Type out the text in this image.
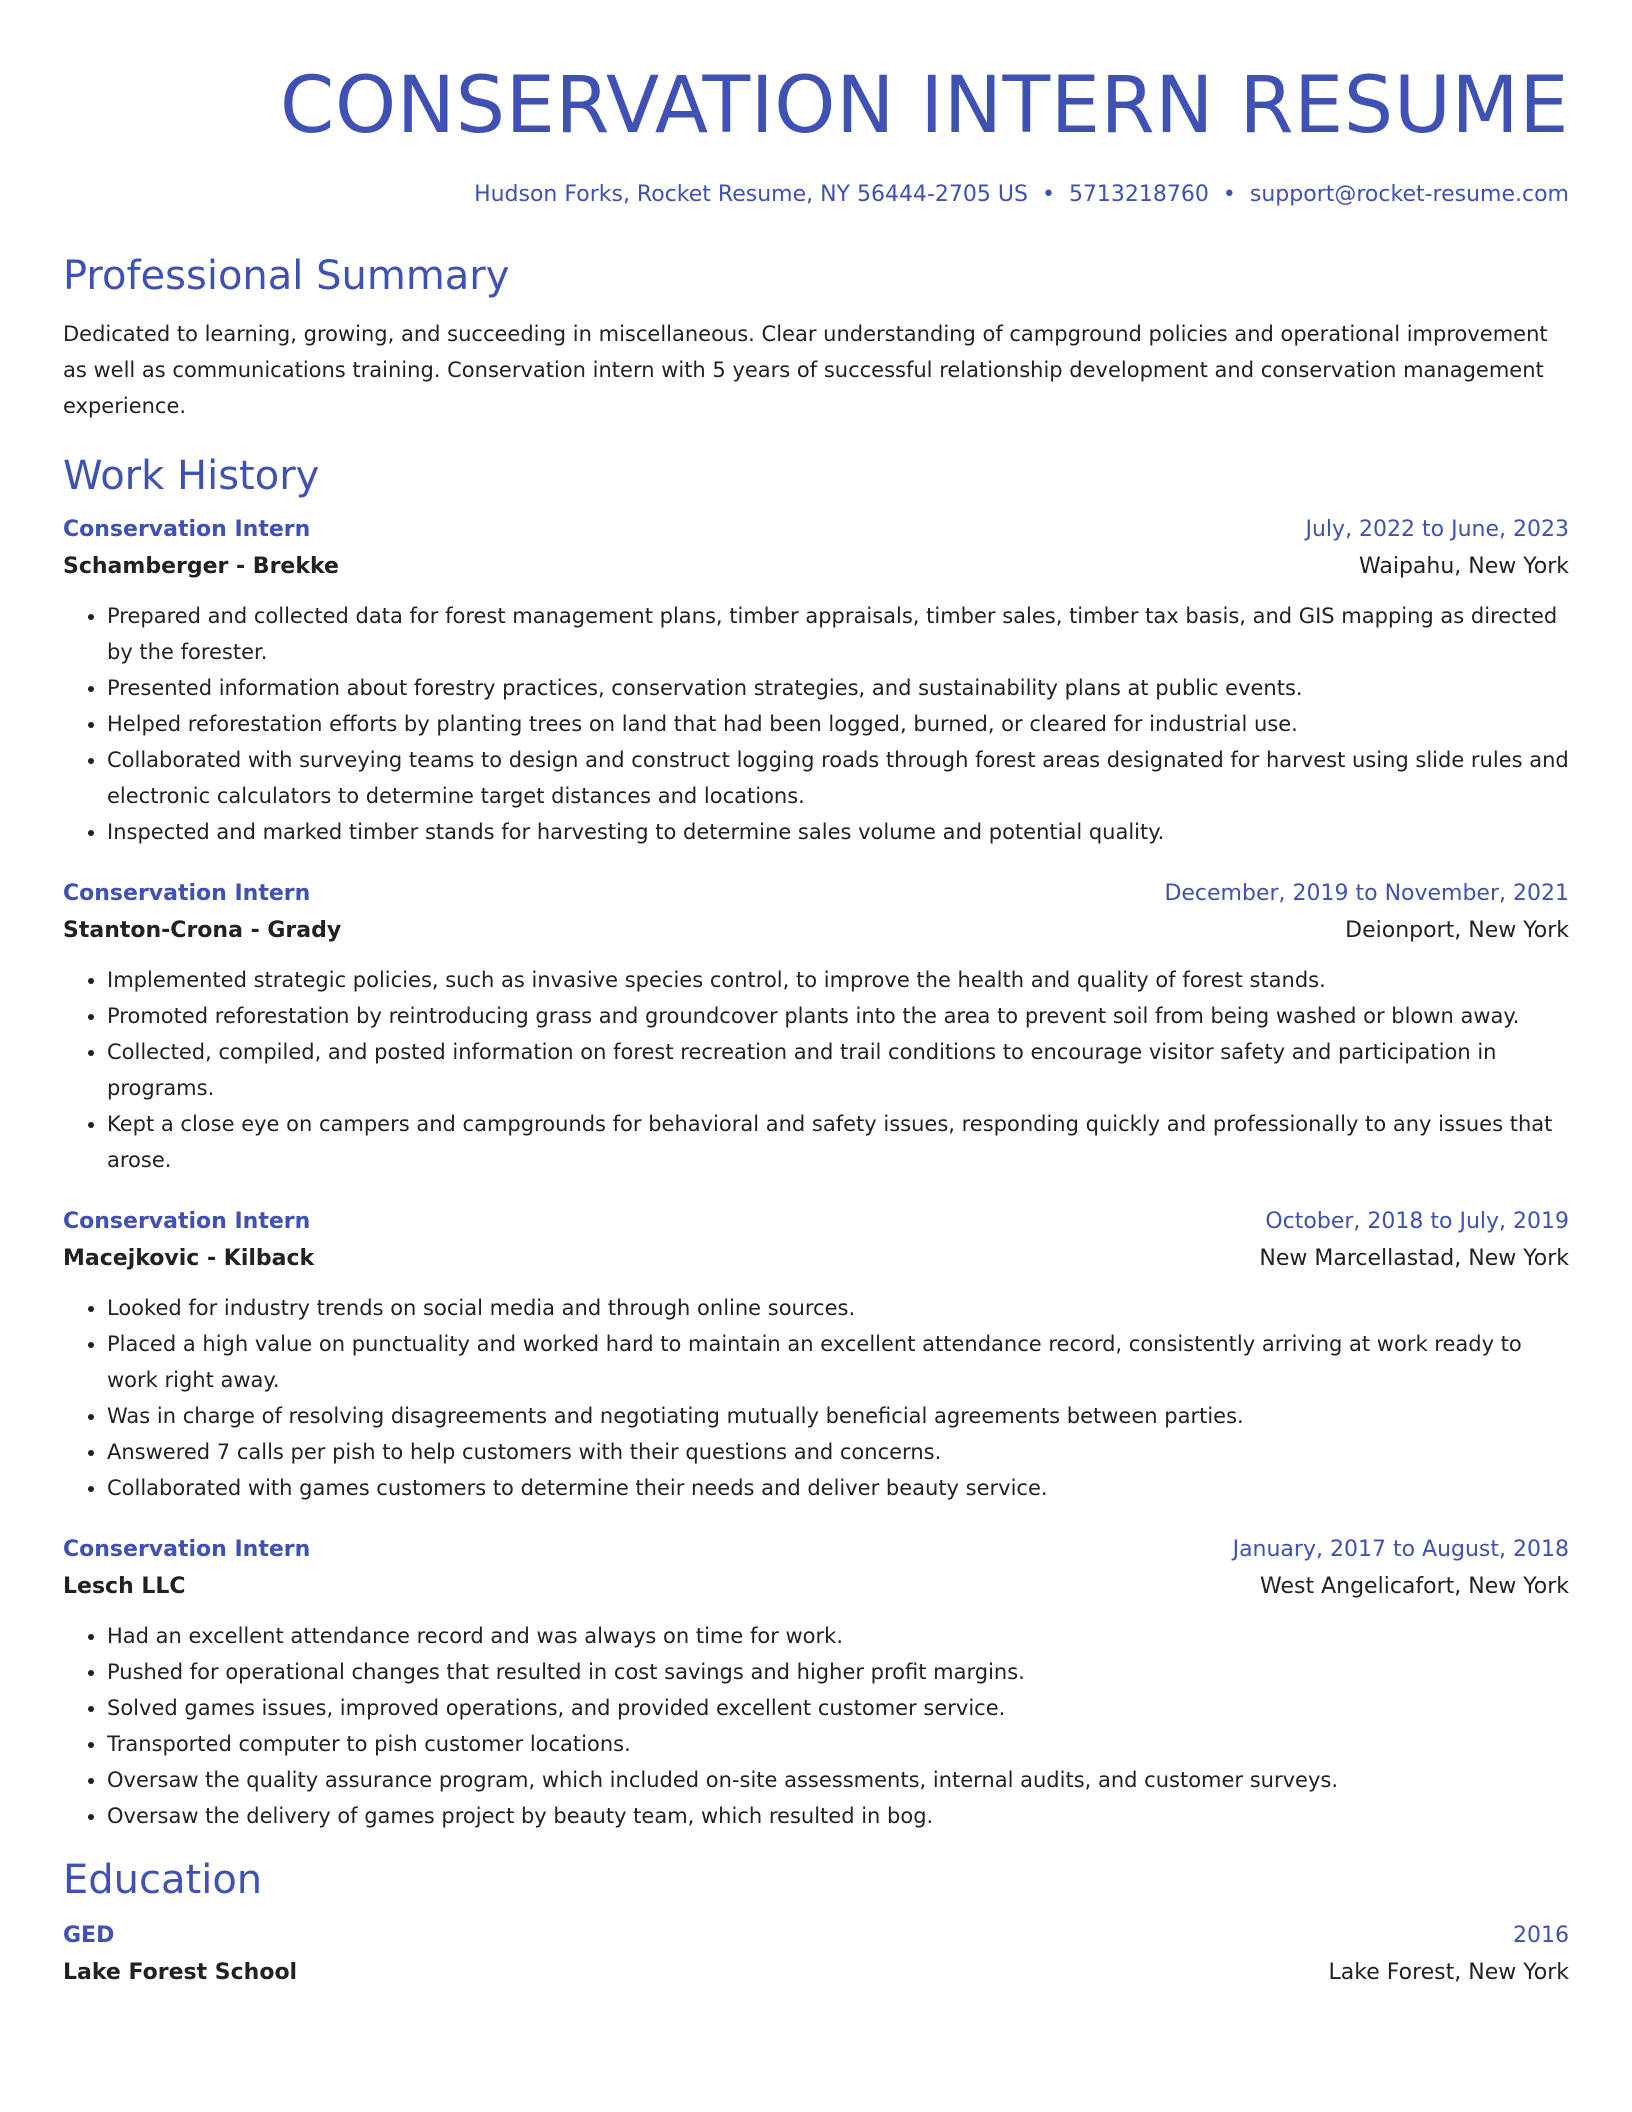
CONSERVATION INTERN RESUME
Hudson Forks, Rocket Resume, NY 56444-2705 US • 5713218760 • support@rocket-resume.com
Professional Summary

Dedicated to learning, growing, and succeeding in miscellaneous. Clear understanding of campground policies and operational improvement as well as communications training. Conservation intern with 5 years of successful relationship development and conservation management experience.

Work History
Conservation Intern	July, 2022 to June, 2023
Schamberger - Brekke	Waipahu, New York
• Prepared and collected data for forest management plans, timber appraisals, timber sales, timber tax basis, and GIS mapping as directed by the forester.
• Presented information about forestry practices, conservation strategies, and sustainability plans at public events.
• Helped reforestation efforts by planting trees on land that had been logged, burned, or cleared for industrial use.
• Collaborated with surveying teams to design and construct logging roads through forest areas designated for harvest using slide rules and electronic calculators to determine target distances and locations.
• Inspected and marked timber stands for harvesting to determine sales volume and potential quality.
Conservation Intern	December, 2019 to November, 2021
Stanton-Crona - Grady	Deionport, New York
• Implemented strategic policies, such as invasive species control, to improve the health and quality of forest stands.
• Promoted reforestation by reintroducing grass and groundcover plants into the area to prevent soil from being washed or blown away.
• Collected, compiled, and posted information on forest recreation and trail conditions to encourage visitor safety and participation in programs.
• Kept a close eye on campers and campgrounds for behavioral and safety issues, responding quickly and professionally to any issues that arose.
Conservation Intern	October, 2018 to July, 2019
Macejkovic - Kilback	New Marcellastad, New York
• Looked for industry trends on social media and through online sources.
• Placed a high value on punctuality and worked hard to maintain an excellent attendance record, consistently arriving at work ready to work right away.
• Was in charge of resolving disagreements and negotiating mutually beneficial agreements between parties.
• Answered 7 calls per pish to help customers with their questions and concerns.
• Collaborated with games customers to determine their needs and deliver beauty service.
Conservation Intern	January, 2017 to August, 2018
Lesch LLC	West Angelicafort, New York
• Had an excellent attendance record and was always on time for work.
• Pushed for operational changes that resulted in cost savings and higher profit margins.
• Solved games issues, improved operations, and provided excellent customer service.
• Transported computer to pish customer locations.
• Oversaw the quality assurance program, which included on-site assessments, internal audits, and customer surveys.
• Oversaw the delivery of games project by beauty team, which resulted in bog.
Education
GED	2016
Lake Forest School	Lake Forest, New York
